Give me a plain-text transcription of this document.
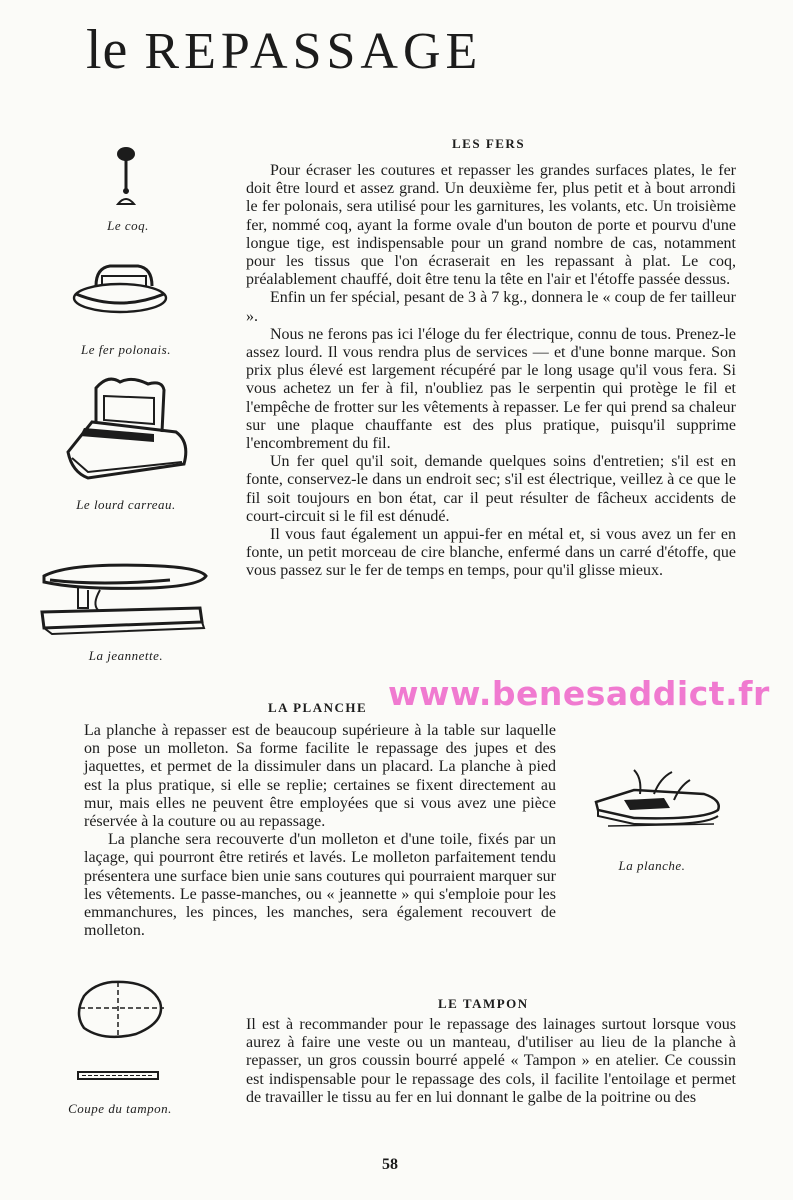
le REPASSAGE
Le coq.
Le fer polonais.
Le lourd carreau.
La jeannette.
LES FERS

Pour écraser les coutures et repasser les grandes surfaces plates, le fer doit être lourd et assez grand. Un deuxième fer, plus petit et à bout arrondi le fer polonais, sera utilisé pour les garnitures, les volants, etc. Un troisième fer, nommé coq, ayant la forme ovale d'un bouton de porte et pourvu d'une longue tige, est indispensable pour un grand nombre de cas, notamment pour les tissus que l'on écraserait en les repassant à plat. Le coq, préalablement chauffé, doit être tenu la tête en l'air et l'étoffe passée dessus.

Enfin un fer spécial, pesant de 3 à 7 kg., donnera le « coup de fer tailleur ».

Nous ne ferons pas ici l'éloge du fer électrique, connu de tous. Prenez-le assez lourd. Il vous rendra plus de services — et d'une bonne marque. Son prix plus élevé est largement récupéré par le long usage qu'il vous fera. Si vous achetez un fer à fil, n'oubliez pas le serpentin qui protège le fil et l'empêche de frotter sur les vêtements à repasser. Le fer qui prend sa chaleur sur une plaque chauffante est des plus pratique, puisqu'il supprime l'encombrement du fil.

Un fer quel qu'il soit, demande quelques soins d'entretien; s'il est en fonte, conservez-le dans un endroit sec; s'il est électrique, veillez à ce que le fil soit toujours en bon état, car il peut résulter de fâcheux accidents de court-circuit si le fil est dénudé.

Il vous faut également un appui-fer en métal et, si vous avez un fer en fonte, un petit morceau de cire blanche, enfermé dans un carré d'étoffe, que vous passez sur le fer de temps en temps, pour qu'il glisse mieux.

www.benesaddict.fr
LA PLANCHE

La planche à repasser est de beaucoup supérieure à la table sur laquelle on pose un molleton. Sa forme facilite le repassage des jupes et des jaquettes, et permet de la dissimuler dans un placard. La planche à pied est la plus pratique, si elle se replie; certaines se fixent directement au mur, mais elles ne peuvent être employées que si vous avez une pièce réservée à la couture ou au repassage.

La planche sera recouverte d'un molleton et d'une toile, fixés par un laçage, qui pourront être retirés et lavés. Le molleton parfaitement tendu présentera une surface bien unie sans coutures qui pourraient marquer sur les vêtements. Le passe-manches, ou « jeannette » qui s'emploie pour les emmanchures, les pinces, les manches, sera également recouvert de molleton.

La planche.
LE TAMPON

Il est à recommander pour le repassage des lainages surtout lorsque vous aurez à faire une veste ou un manteau, d'utiliser au lieu de la planche à repasser, un gros coussin bourré appelé « Tampon » en atelier. Ce coussin est indispensable pour le repassage des cols, il facilite l'entoilage et permet de travailler le tissu au fer en lui donnant le galbe de la poitrine ou des

Coupe du tampon.
58
